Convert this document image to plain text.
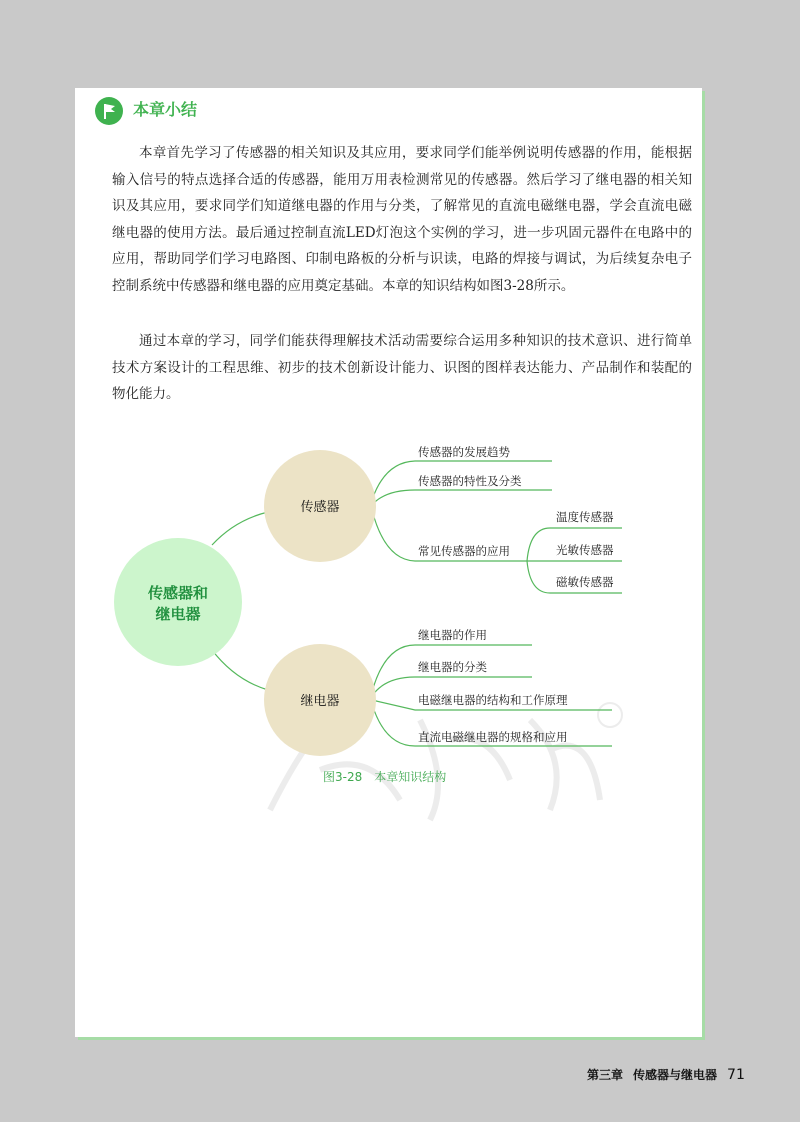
本章小结

本章首先学习了传感器的相关知识及其应用，要求同学们能举例说明传感器的作用，能根据输入信号的特点选择合适的传感器，能用万用表检测常见的传感器。然后学习了继电器的相关知识及其应用，要求同学们知道继电器的作用与分类，了解常见的直流电磁继电器，学会直流电磁继电器的使用方法。最后通过控制直流LED灯泡这个实例的学习，进一步巩固元器件在电路中的应用，帮助同学们学习电路图、印制电路板的分析与识读，电路的焊接与调试，为后续复杂电子控制系统中传感器和继电器的应用奠定基础。本章的知识结构如图3-28所示。

通过本章的学习，同学们能获得理解技术活动需要综合运用多种知识的技术意识、进行简单技术方案设计的工程思维、初步的技术创新设计能力、识图的图样表达能力、产品制作和装配的物化能力。

传感器和
继电器
传感器
继电器
传感器的发展趋势
传感器的特性及分类
常见传感器的应用
温度传感器
光敏传感器
磁敏传感器
继电器的作用
继电器的分类
电磁继电器的结构和工作原理
直流电磁继电器的规格和应用
图3-28　本章知识结构
第三章 传感器与继电器 71
